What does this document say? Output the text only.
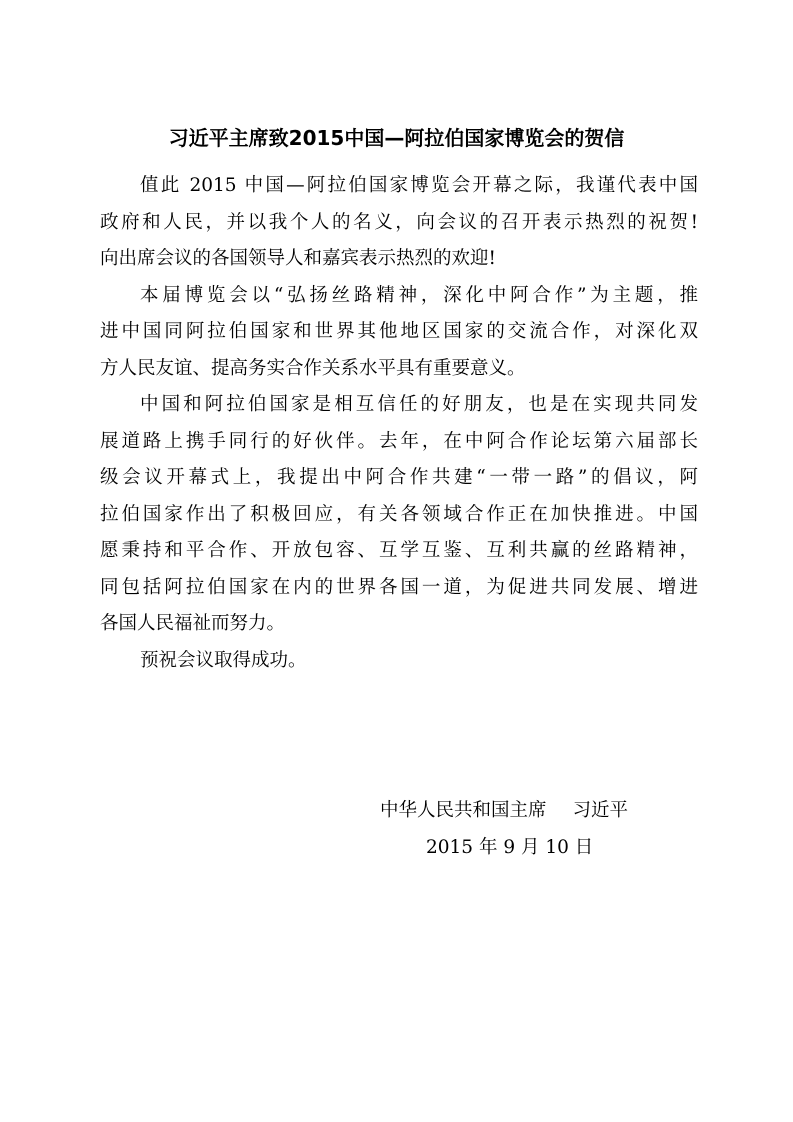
习近平主席致2015中国—阿拉伯国家博览会的贺信
值此 2015 中国—阿拉伯国家博览会开幕之际，我谨代表中国
政府和人民，并以我个人的名义，向会议的召开表示热烈的祝贺!
向出席会议的各国领导人和嘉宾表示热烈的欢迎!
本届博览会以“弘扬丝路精神，深化中阿合作”为主题，推
进中国同阿拉伯国家和世界其他地区国家的交流合作，对深化双
方人民友谊、提高务实合作关系水平具有重要意义。
中国和阿拉伯国家是相互信任的好朋友，也是在实现共同发
展道路上携手同行的好伙伴。去年，在中阿合作论坛第六届部长
级会议开幕式上，我提出中阿合作共建“一带一路”的倡议，阿
拉伯国家作出了积极回应，有关各领域合作正在加快推进。中国
愿秉持和平合作、开放包容、互学互鉴、互利共赢的丝路精神，
同包括阿拉伯国家在内的世界各国一道，为促进共同发展、增进
各国人民福祉而努力。
预祝会议取得成功。
中华人民共和国主席 习近平
2015 年 9 月 10 日
